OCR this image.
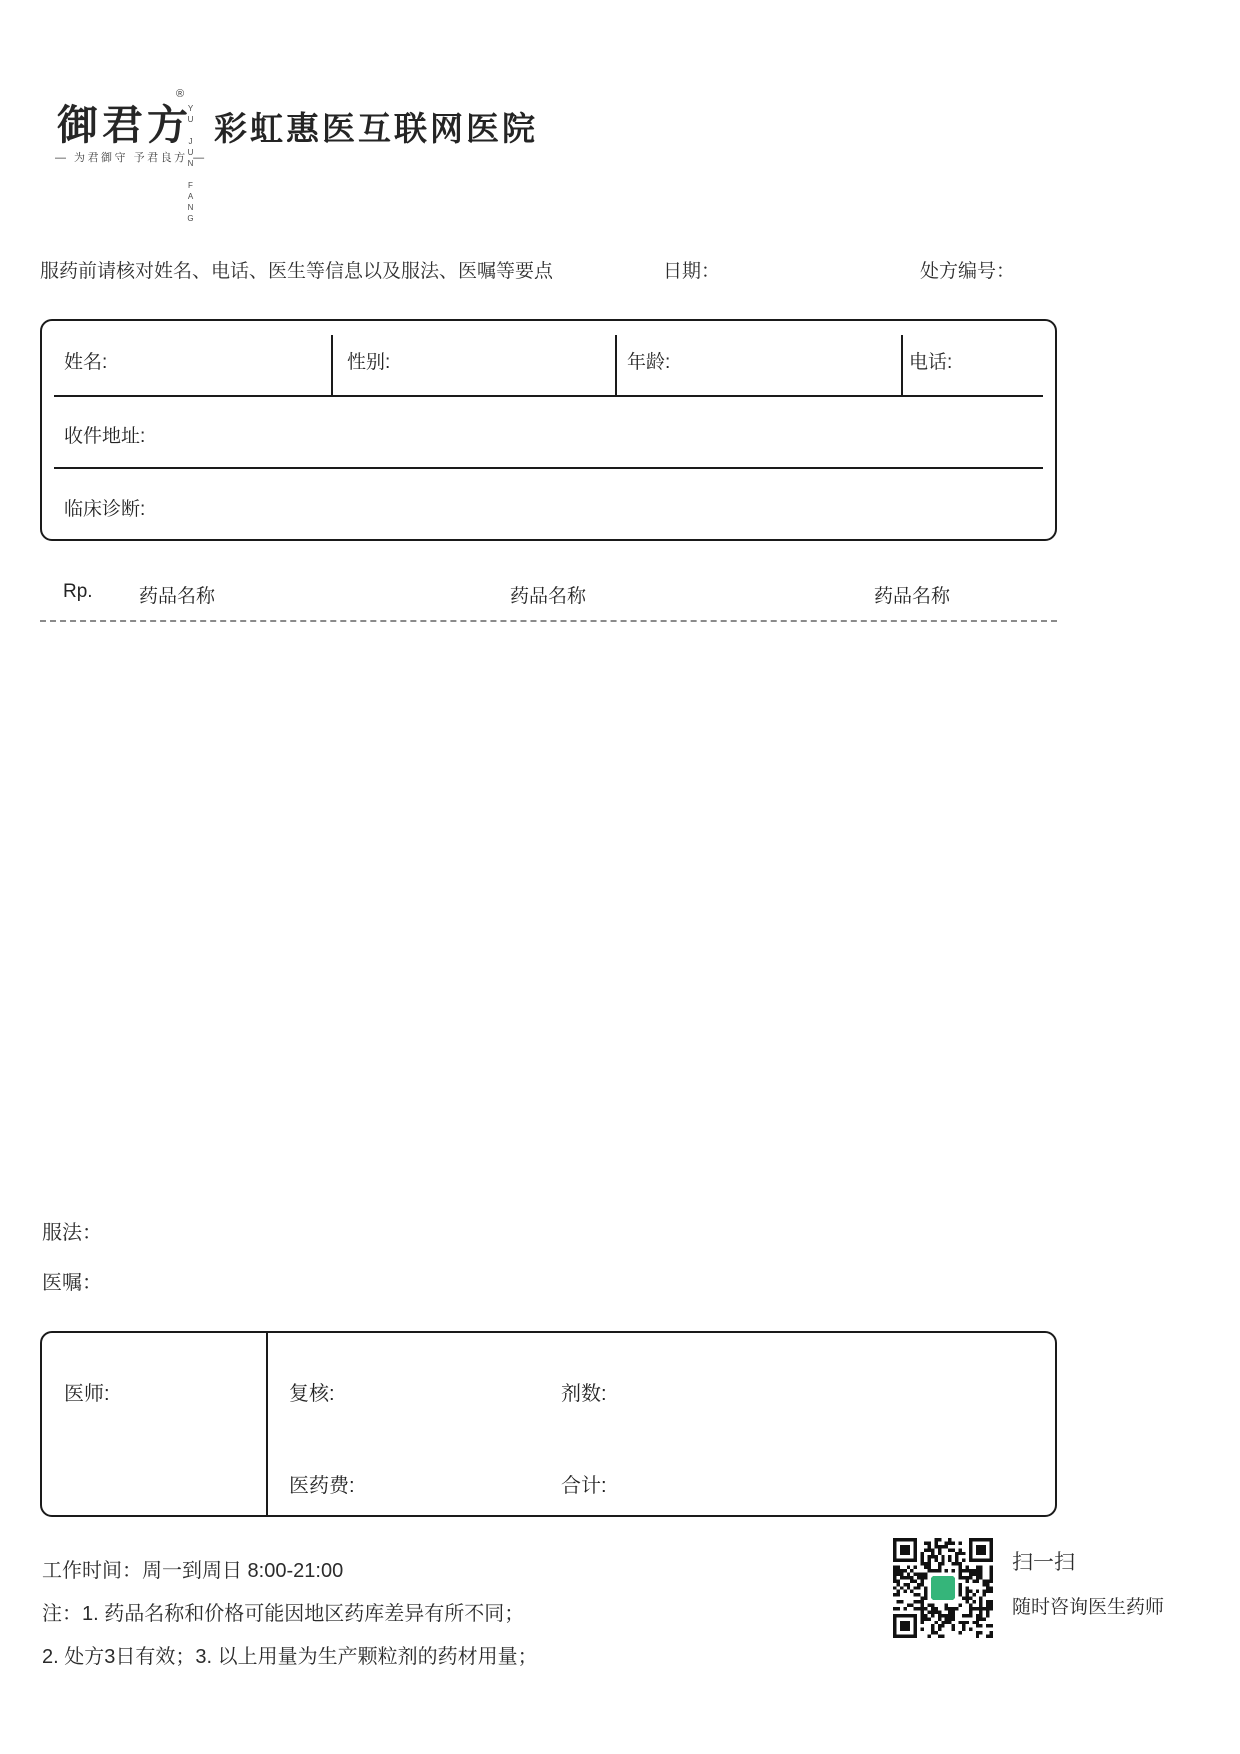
御君方
®
YU JUN FANG
— 为君御守 予君良方 —
彩虹惠医互联网医院
服药前请核对姓名、电话、医生等信息以及服法、医嘱等要点	日期：	处方编号：
姓名:	性别:	年龄:	电话:
收件地址:
临床诊断:
Rp. 药品名称	药品名称	药品名称
服法：
医嘱：
医师:	复核:	剂数:
医药费:	合计:
工作时间：周一到周日 8:00-21:00
注：1. 药品名称和价格可能因地区药库差异有所不同；
2. 处方3日有效；3. 以上用量为生产颗粒剂的药材用量；
扫一扫
随时咨询医生药师
